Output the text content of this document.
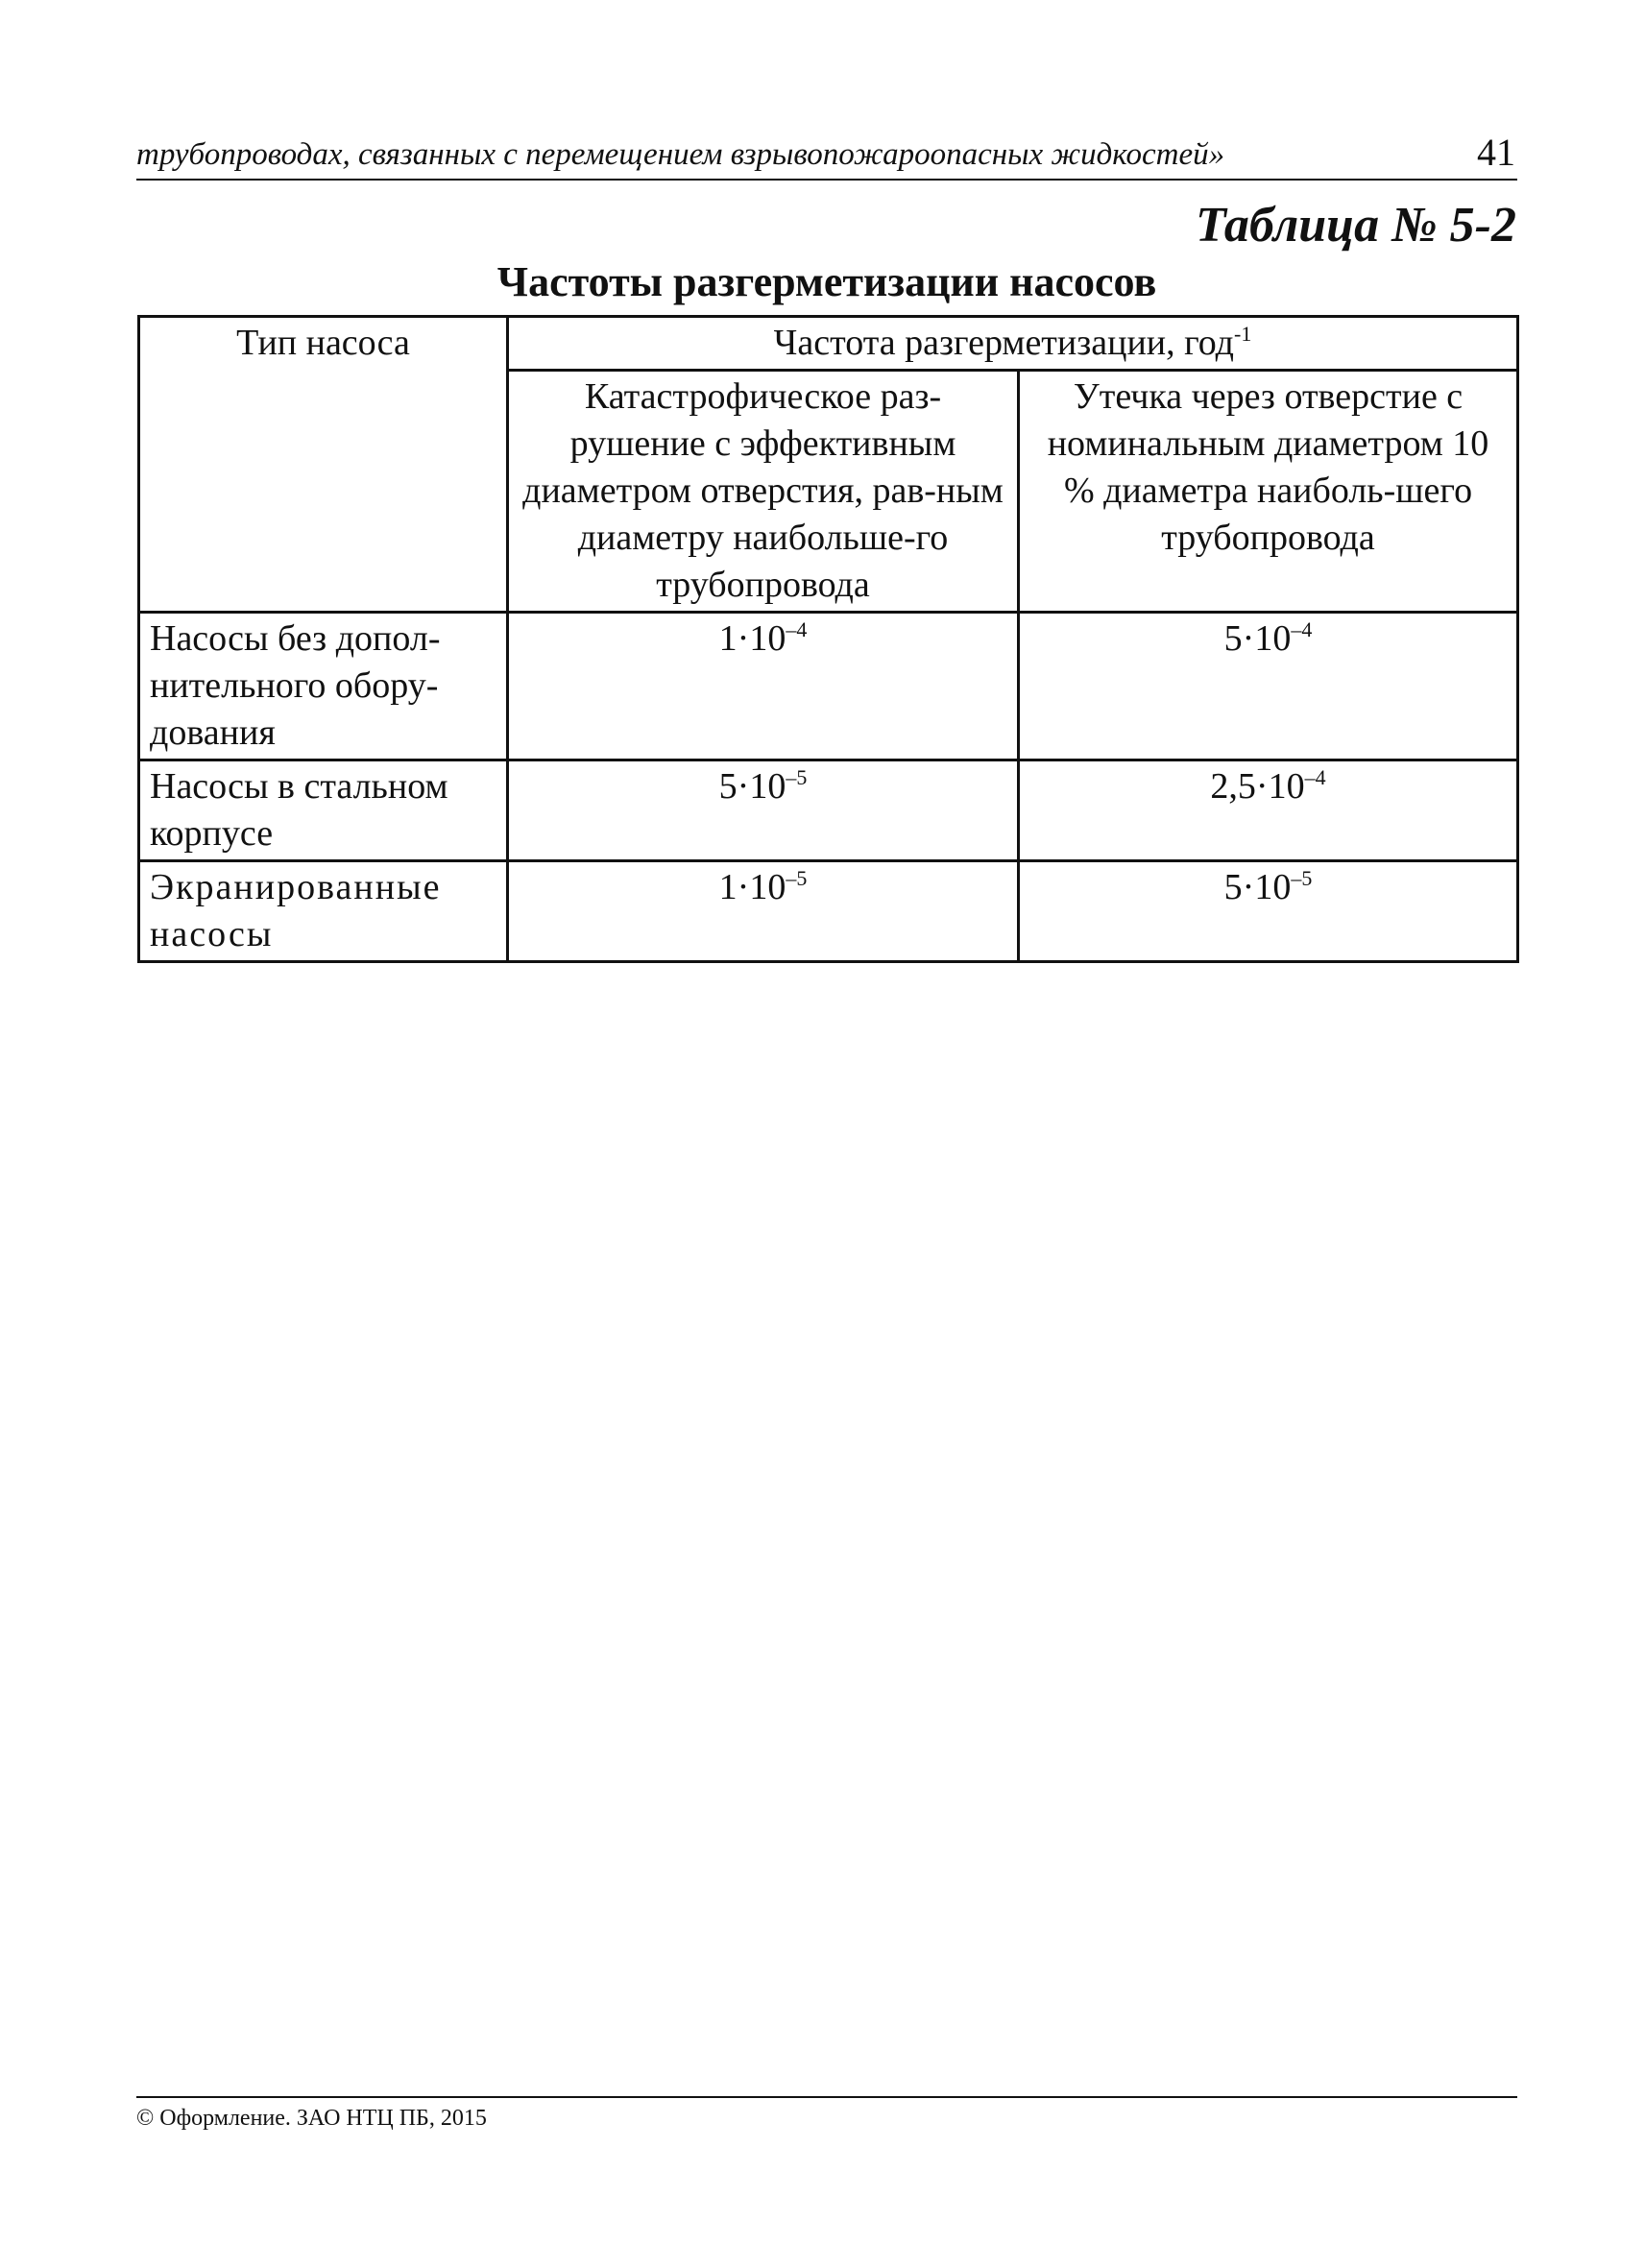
трубопроводах, связанных с перемещением взрывопожароопасных жидкостей»	41
Таблица № 5-2
Частоты разгерметизации насосов
Тип насоса	Частота разгерметизации, год$^{-1}$
	Катастрофическое раз-рушение с эффективным диаметром отверстия, рав-ным диаметру наибольше-го трубопровода	Утечка через отверстие с номинальным диаметром 10 % диаметра наиболь-шего трубопровода
Насосы без допол-нительного обору-дования	$1\cdot 10^{-4}$	$5\cdot 10^{-4}$
Насосы в стальном корпусе	$5\cdot 10^{-5}$	$2,5\cdot 10^{-4}$
Экранированные насосы	$1\cdot 10^{-5}$	$5\cdot 10^{-5}$
© Оформление. ЗАО НТЦ ПБ, 2015
